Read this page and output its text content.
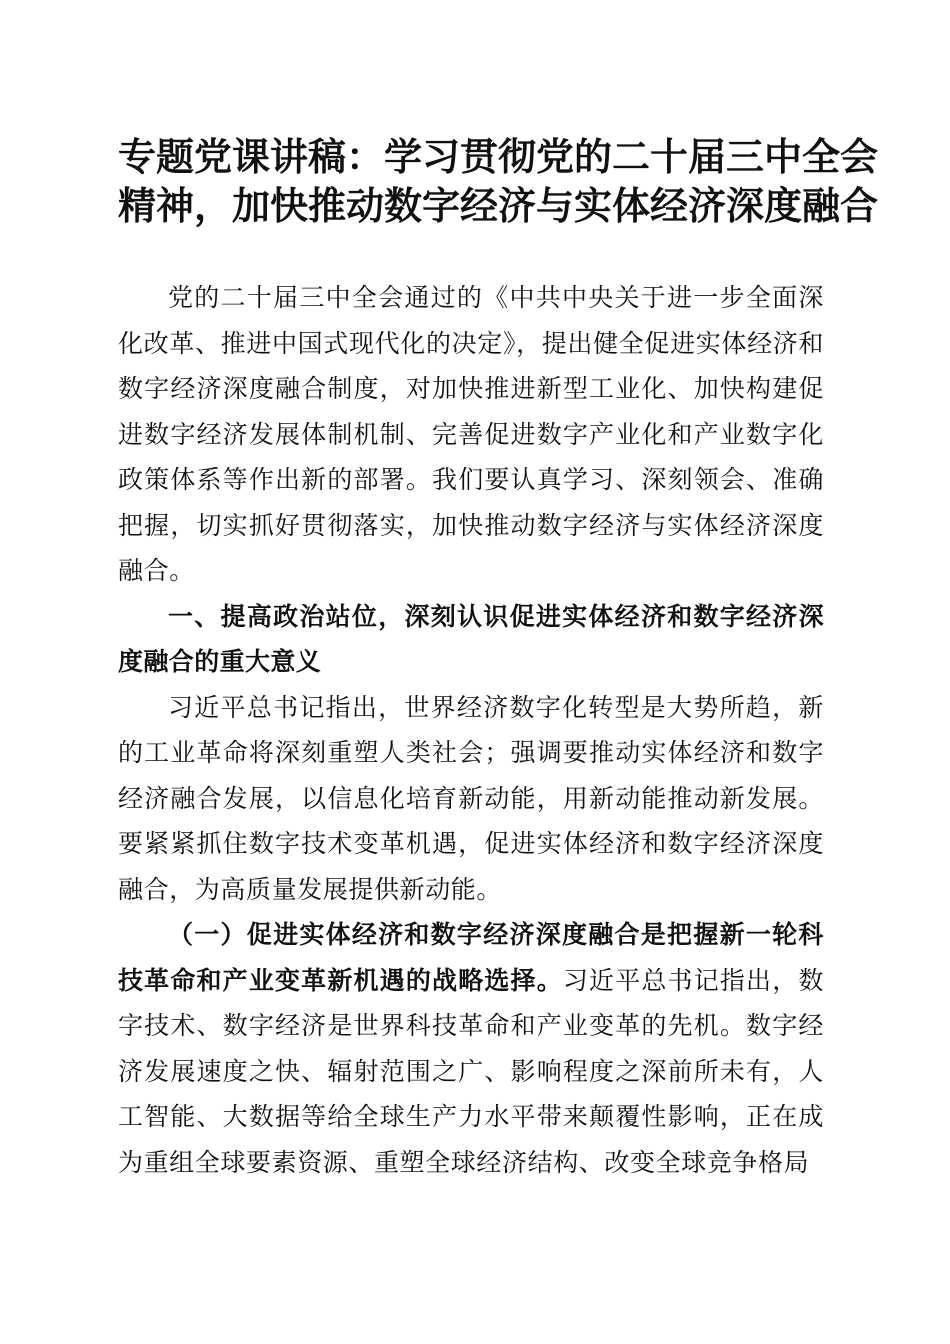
专题党课讲稿：学习贯彻党的二十届三中全会
精神，加快推动数字经济与实体经济深度融合

党的二十届三中全会通过的《中共中央关于进一步全面深化改革、推进中国式现代化的决定》，提出健全促进实体经济和数字经济深度融合制度，对加快推进新型工业化、加快构建促进数字经济发展体制机制、完善促进数字产业化和产业数字化政策体系等作出新的部署。我们要认真学习、深刻领会、准确把握，切实抓好贯彻落实，加快推动数字经济与实体经济深度融合。

一、提高政治站位，深刻认识促进实体经济和数字经济深度融合的重大意义

习近平总书记指出，世界经济数字化转型是大势所趋，新的工业革命将深刻重塑人类社会；强调要推动实体经济和数字经济融合发展，以信息化培育新动能，用新动能推动新发展。要紧紧抓住数字技术变革机遇，促进实体经济和数字经济深度融合，为高质量发展提供新动能。

（一）促进实体经济和数字经济深度融合是把握新一轮科技革命和产业变革新机遇的战略选择。习近平总书记指出，数字技术、数字经济是世界科技革命和产业变革的先机。数字经济发展速度之快、辐射范围之广、影响程度之深前所未有，人工智能、大数据等给全球生产力水平带来颠覆性影响，正在成为重组全球要素资源、重塑全球经济结构、改变全球竞争格局
